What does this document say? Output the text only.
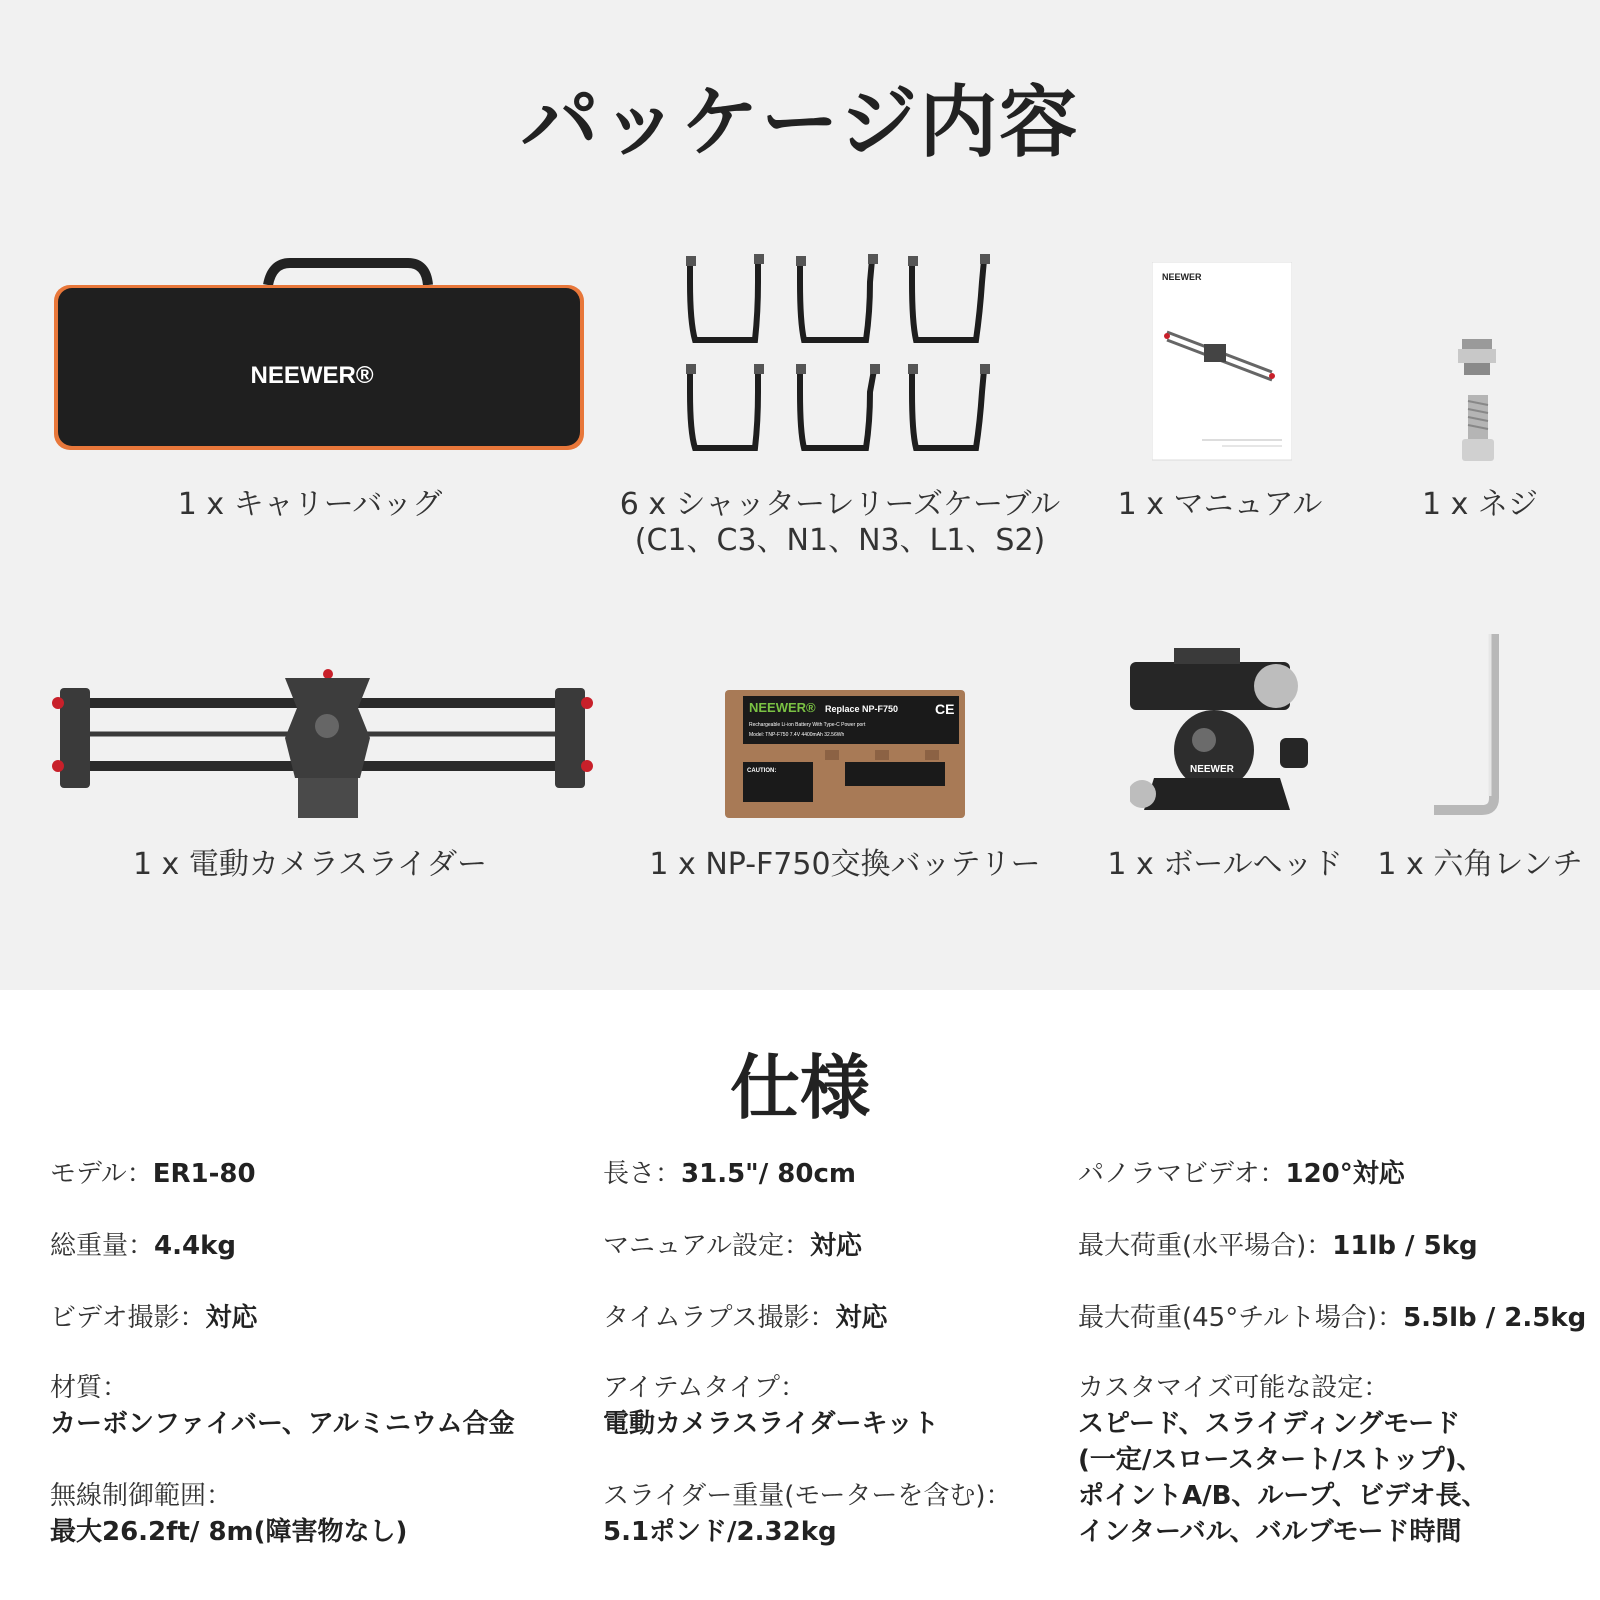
パッケージ内容
NEEWER®
1 x キャリーバッグ	6 x シャッターレリーズケーブル
(C1、C3、N1、N3、L1、S2)
NEEWER
1 x マニュアル	1 x ネジ
1 x 電動カメラスライダー
NEEWER® Replace NP-F750	CE
Rechargeable Li-ion Battery With Type-C Power port
Model: TNP-F750 7.4V 4400mAh 32.56Wh
CAUTION:
1 x NP-F750交換バッテリー
NEEWER
1 x ボールヘッド 1 x 六角レンチ
仕様
モデル：ER1-80
総重量：4.4kg
ビデオ撮影：対応
材質：
カーボンファイバー、アルミニウム合金
無線制御範囲：
最大26.2ft/ 8m(障害物なし)
長さ：31.5"/ 80cm
マニュアル設定：対応
タイムラプス撮影：対応
アイテムタイプ：
電動カメラスライダーキット
スライダー重量(モーターを含む)：
5.1ポンド/2.32kg
パノラマビデオ：120°対応
最大荷重(水平場合)：11lb / 5kg
最大荷重(45°チルト場合)：5.5lb / 2.5kg
カスタマイズ可能な設定：
スピード、スライディングモード
(一定/スロースタート/ストップ)、
ポイントA/B、ループ、ビデオ長、
インターバル、バルブモード時間
